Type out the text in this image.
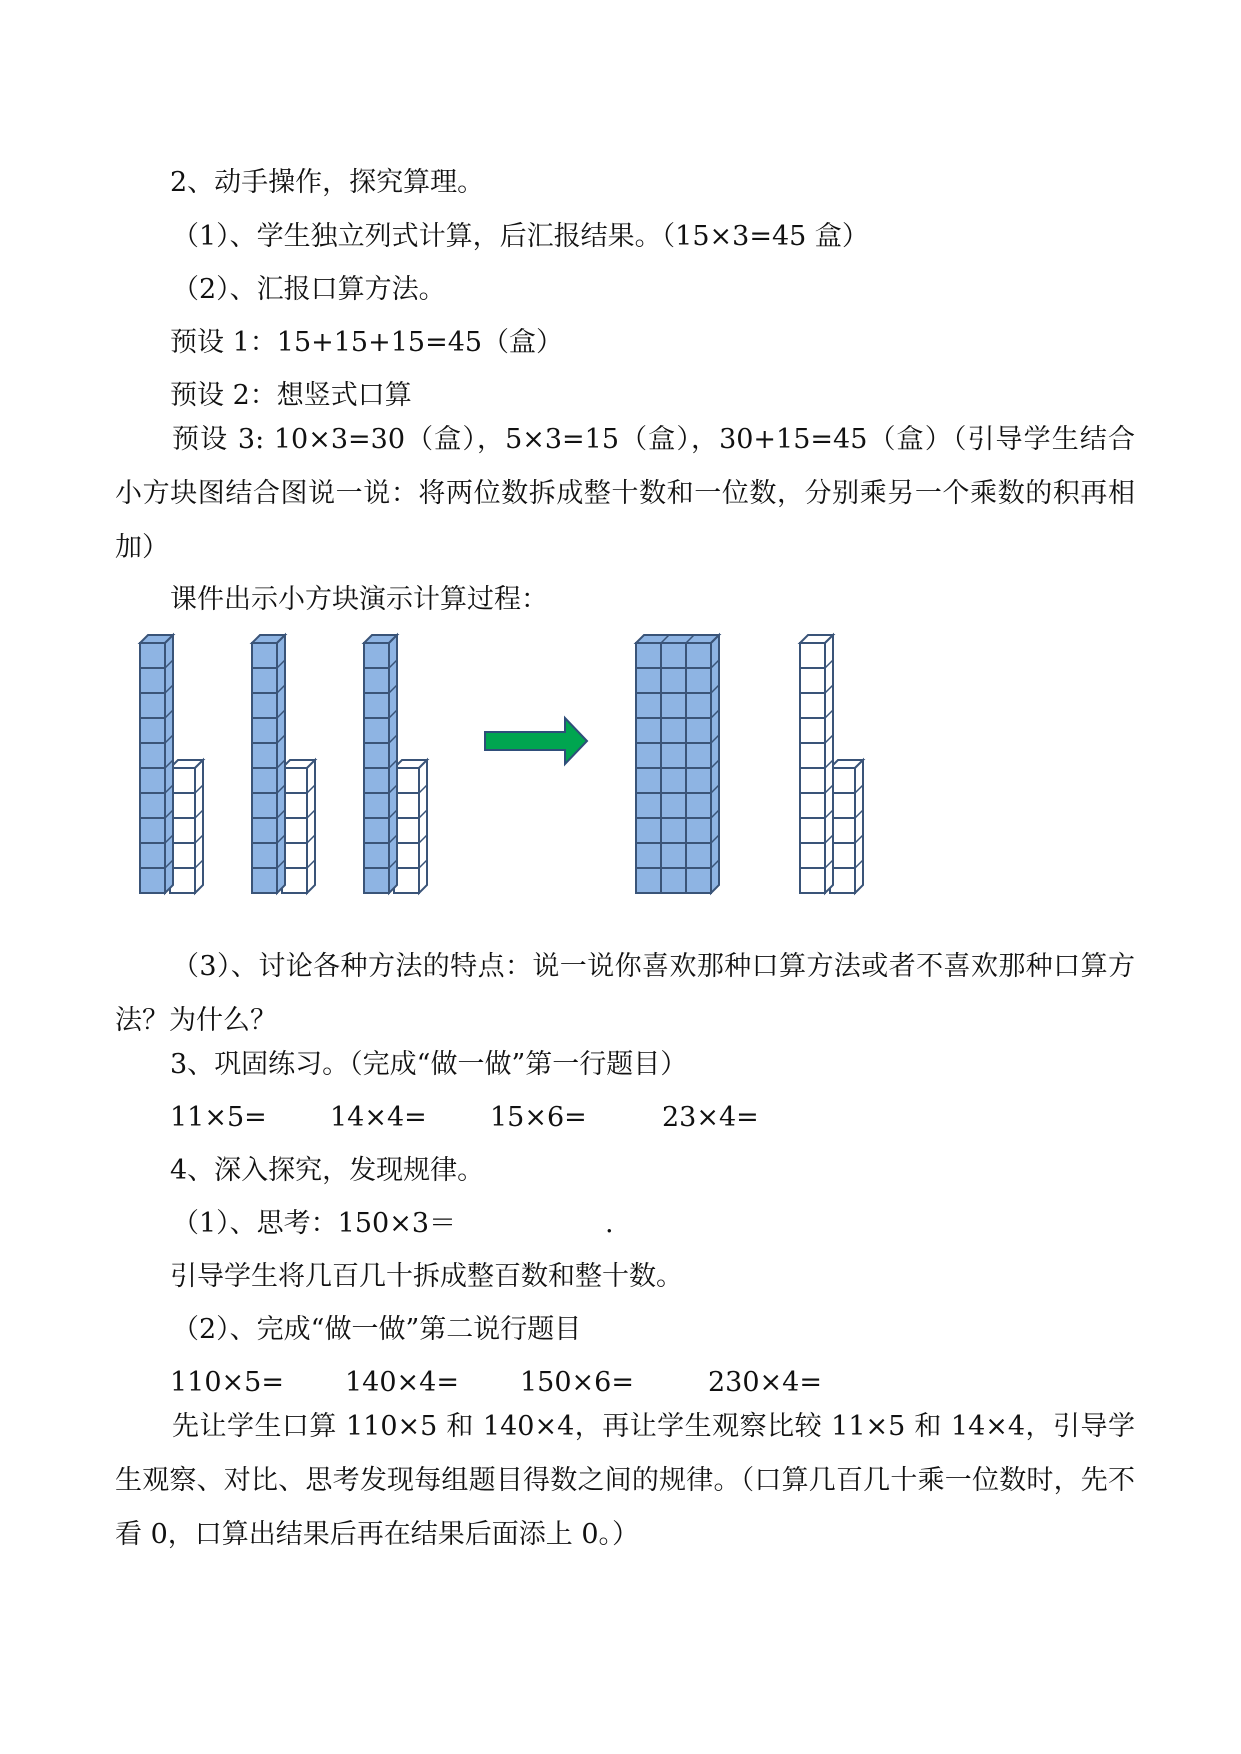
2、动手操作，探究算理。
（1）、学生独立列式计算，后汇报结果。（15×3=45 盒）
（2）、汇报口算方法。
预设 1：15+15+15=45（盒）
预设 2：想竖式口算
预设 3: 10×3=30（盒），5×3=15（盒），30+15=45（盒）（引导学生结合小方块图结合图说一说：将两位数拆成整十数和一位数，分别乘另一个乘数的积再相加）
课件出示小方块演示计算过程：
（3）、讨论各种方法的特点：说一说你喜欢那种口算方法或者不喜欢那种口算方法？为什么？
3、巩固练习。（完成“做一做”第一行题目）
11×5= 14×4= 15×6=	23×4=
4、深入探究，发现规律。
（1）、思考：150×3＝	.
引导学生将几百几十拆成整百数和整十数。
（2）、完成“做一做”第二说行题目
110×5= 140×4= 150×6=	230×4=
先让学生口算 110×5 和 140×4，再让学生观察比较 11×5 和 14×4，引导学生观察、对比、思考发现每组题目得数之间的规律。（口算几百几十乘一位数时，先不看 0，口算出结果后再在结果后面添上 0。）
